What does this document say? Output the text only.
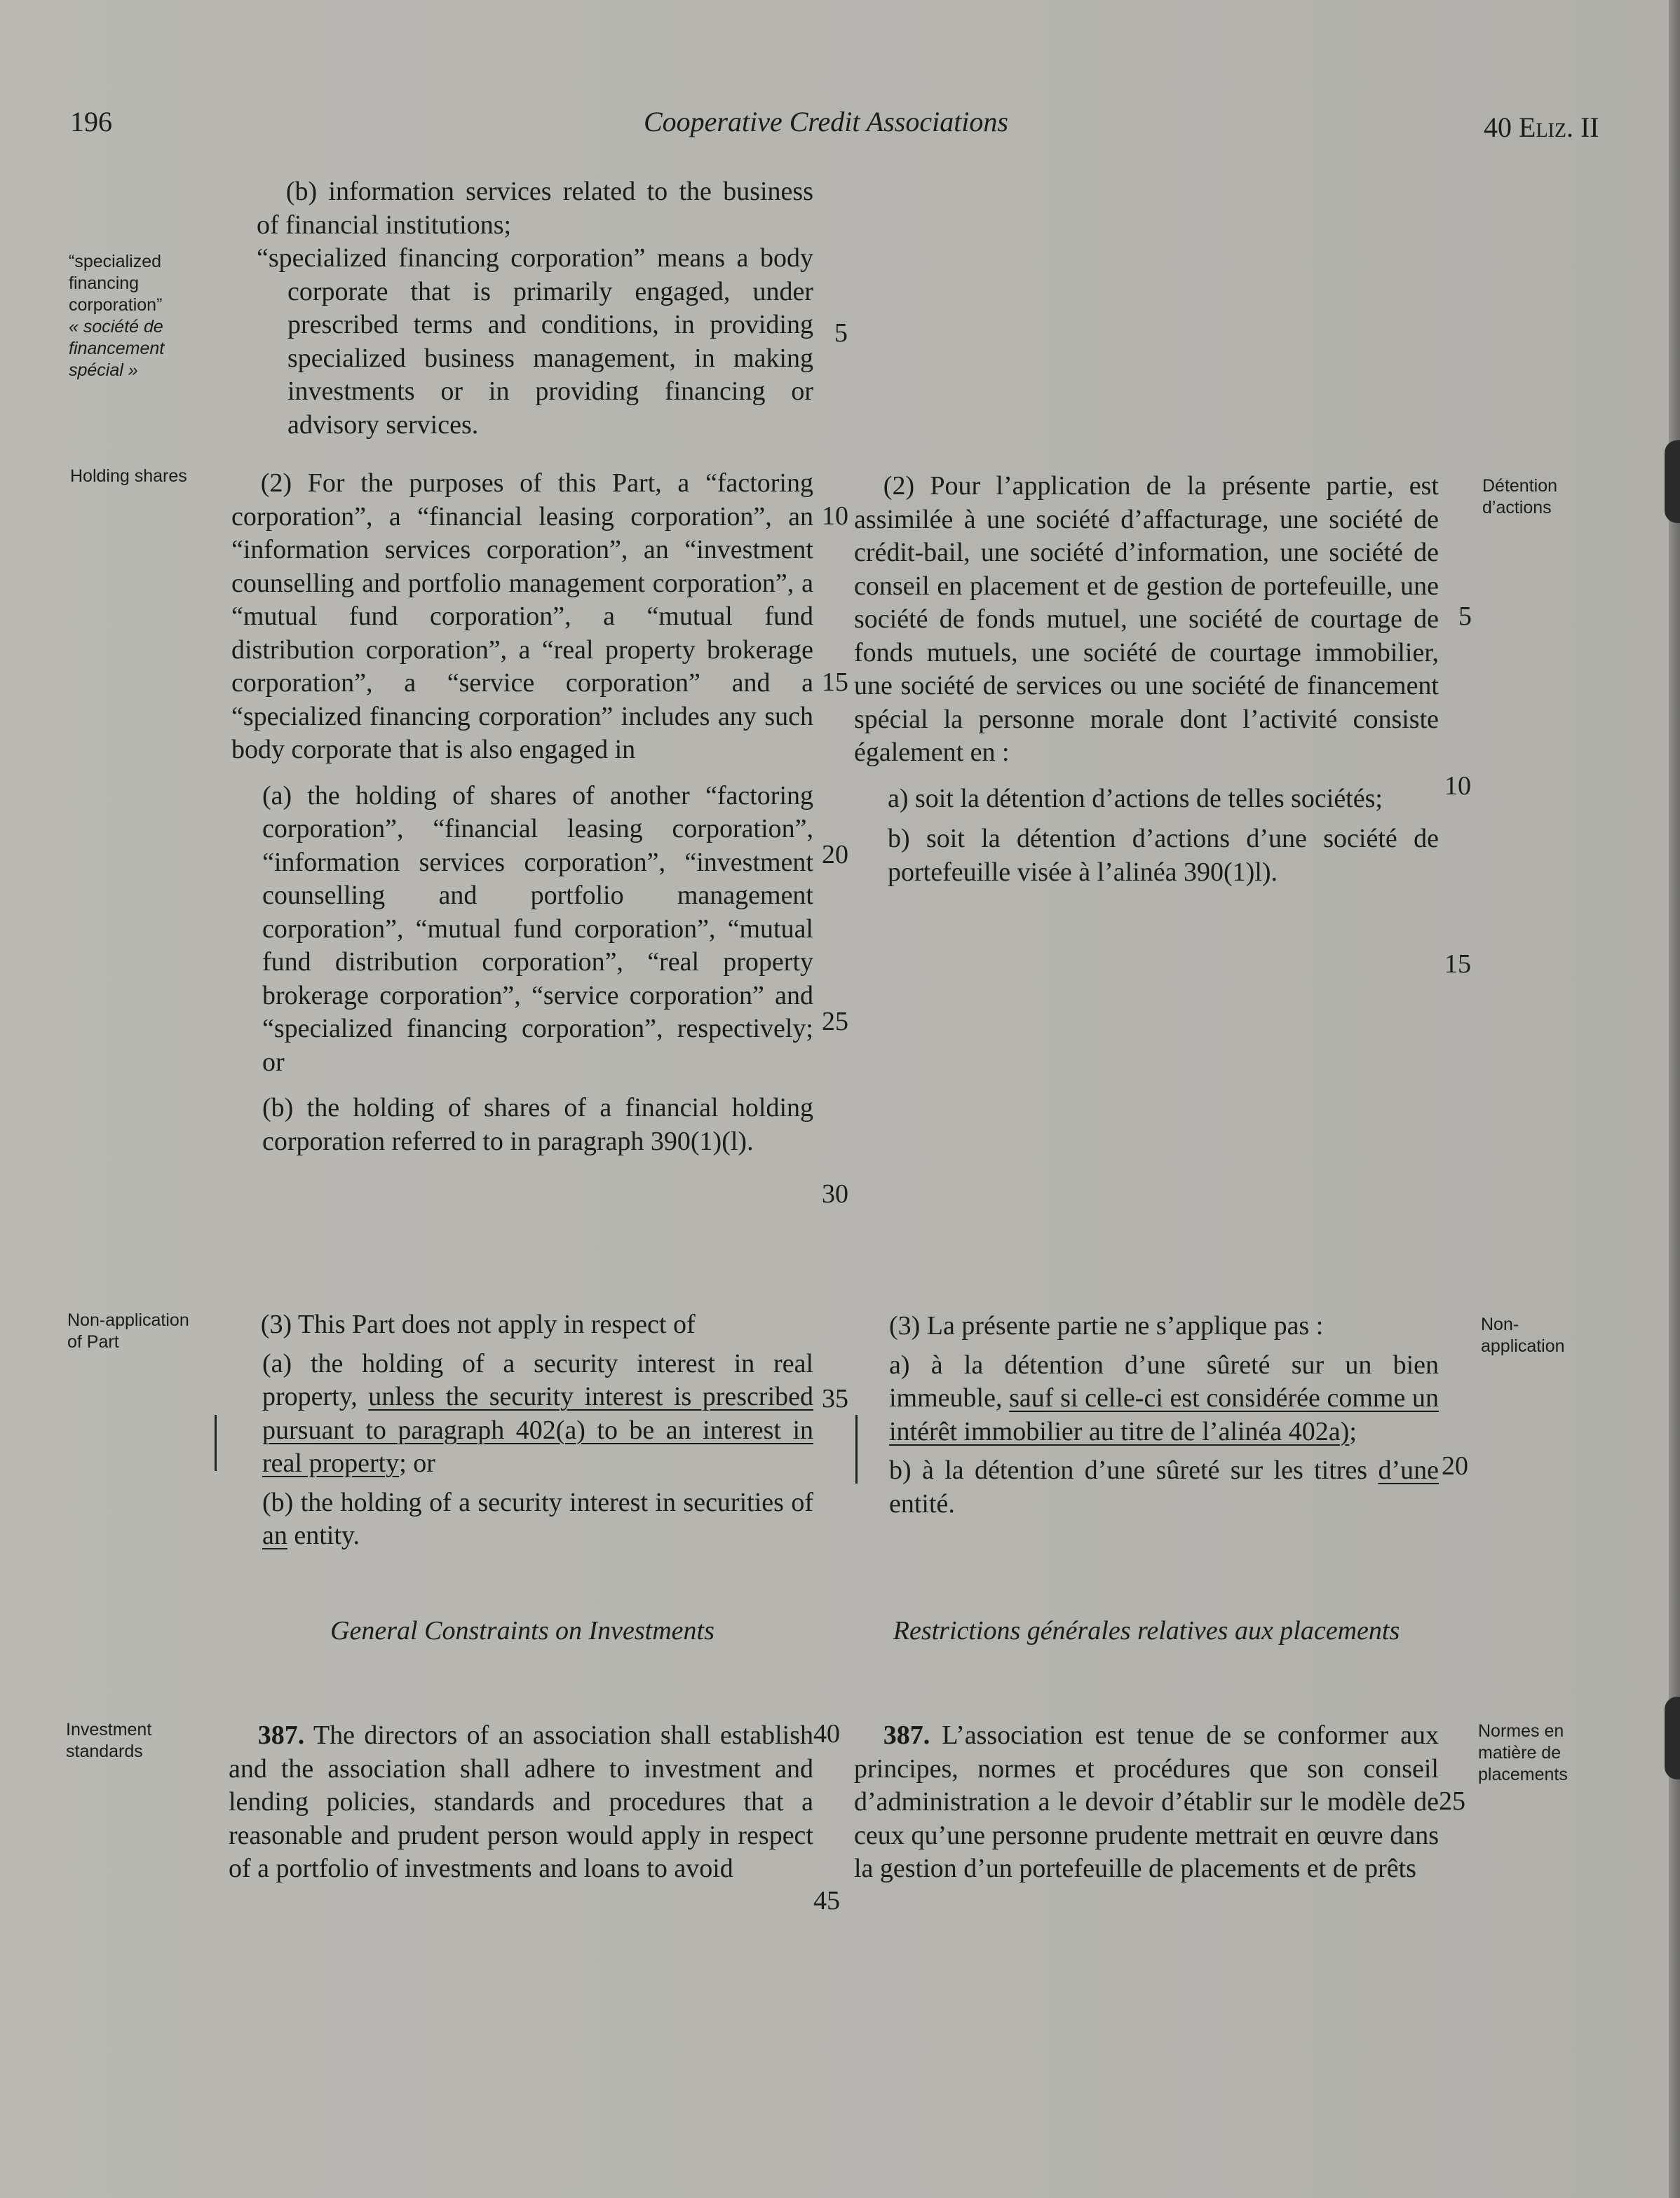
196	Cooperative Credit Associations	40 Eliz. II
“specialized financing corporation”
« société de financement spécial »
Holding shares
Non-application of Part
Investment standards
Détention d’actions
Non-application
Normes en matière de placements

(b) information services related to the business of financial institutions;

“specialized financing corporation” means a body corporate that is primarily engaged, under prescribed terms and conditions, in providing specialized business management, in making investments or in providing financing or advisory services.

(2) For the purposes of this Part, a “factoring corporation”, a “financial leasing corporation”, an “information services corporation”, an “investment counselling and portfolio management corporation”, a “mutual fund corporation”, a “mutual fund distribution corporation”, a “real property brokerage corporation”, a “service corporation” and a “specialized financing corporation” includes any such body corporate that is also engaged in

(a) the holding of shares of another “factoring corporation”, “financial leasing corporation”, “information services corporation”, “investment counselling and portfolio management corporation”, “mutual fund corporation”, “mutual fund distribution corporation”, “real property brokerage corporation”, “service corporation” and “specialized financing corporation”, respectively; or

(b) the holding of shares of a financial holding corporation referred to in paragraph 390(1)(l).

(3) This Part does not apply in respect of

(a) the holding of a security interest in real property, unless the security interest is prescribed pursuant to paragraph 402(a) to be an interest in real property; or

(b) the holding of a security interest in securities of an entity.

General Constraints on Investments

387. The directors of an association shall establish and the association shall adhere to investment and lending policies, standards and procedures that a reasonable and prudent person would apply in respect of a portfolio of investments and loans to avoid

(2) Pour l’application de la présente partie, est assimilée à une société d’affacturage, une société de crédit-bail, une société d’information, une société de conseil en placement et de gestion de portefeuille, une société de fonds mutuel, une société de courtage de fonds mutuels, une société de courtage immobilier, une société de services ou une société de financement spécial la personne morale dont l’activité consiste également en :

a) soit la détention d’actions de telles sociétés;

b) soit la détention d’actions d’une société de portefeuille visée à l’alinéa 390(1)l).

(3) La présente partie ne s’applique pas :

a) à la détention d’une sûreté sur un bien immeuble, sauf si celle-ci est considérée comme un intérêt immobilier au titre de l’alinéa 402a);

b) à la détention d’une sûreté sur les titres d’une entité.

Restrictions générales relatives aux placements

387. L’association est tenue de se conformer aux principes, normes et procédures que son conseil d’administration a le devoir d’établir sur le modèle de ceux qu’une personne prudente mettrait en œuvre dans la gestion d’un portefeuille de placements et de prêts

5
10
15
20
25
30
35
40
45
5
10
15
20
25
